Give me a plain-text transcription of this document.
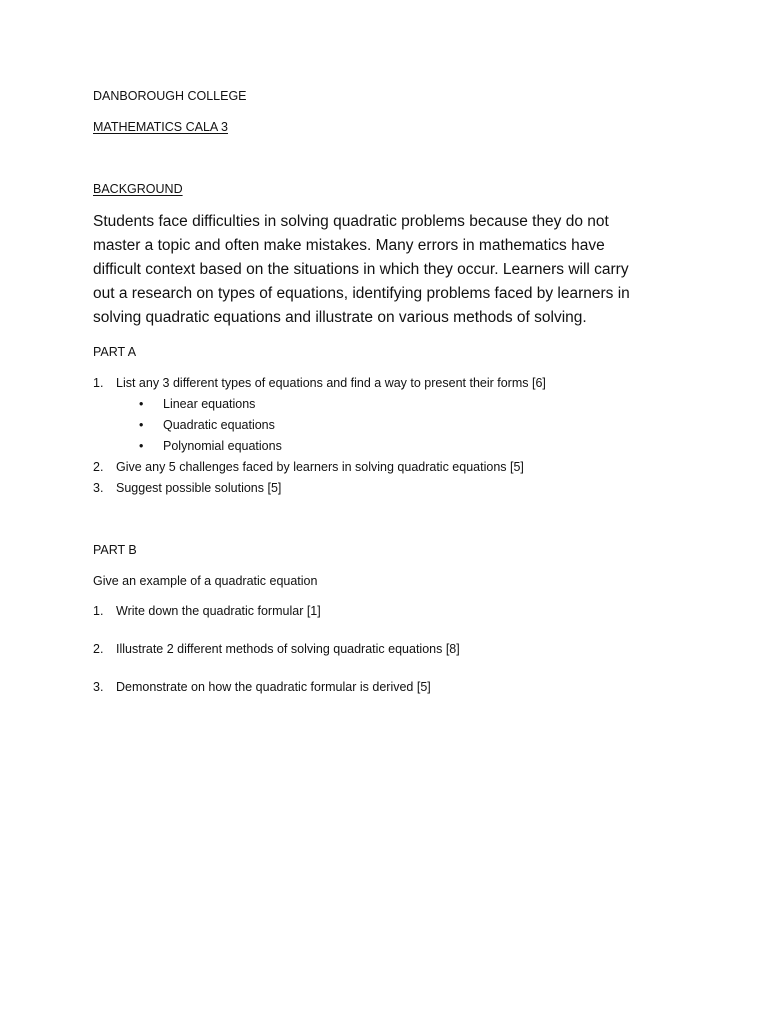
DANBOROUGH COLLEGE
MATHEMATICS CALA 3
BACKGROUND
Students face difficulties in solving quadratic problems because they do not
master a topic and often make mistakes. Many errors in mathematics have
difficult context based on the situations in which they occur. Learners will carry
out a research on types of equations, identifying problems faced by learners in
solving quadratic equations and illustrate on various methods of solving.
PART A
1. List any 3 different types of equations and find a way to present their forms [6]
• Linear equations
• Quadratic equations
• Polynomial equations
2. Give any 5 challenges faced by learners in solving quadratic equations [5]
3. Suggest possible solutions [5]
PART B
Give an example of a quadratic equation
1. Write down the quadratic formular [1]
2. Illustrate 2 different methods of solving quadratic equations [8]
3. Demonstrate on how the quadratic formular is derived [5]
